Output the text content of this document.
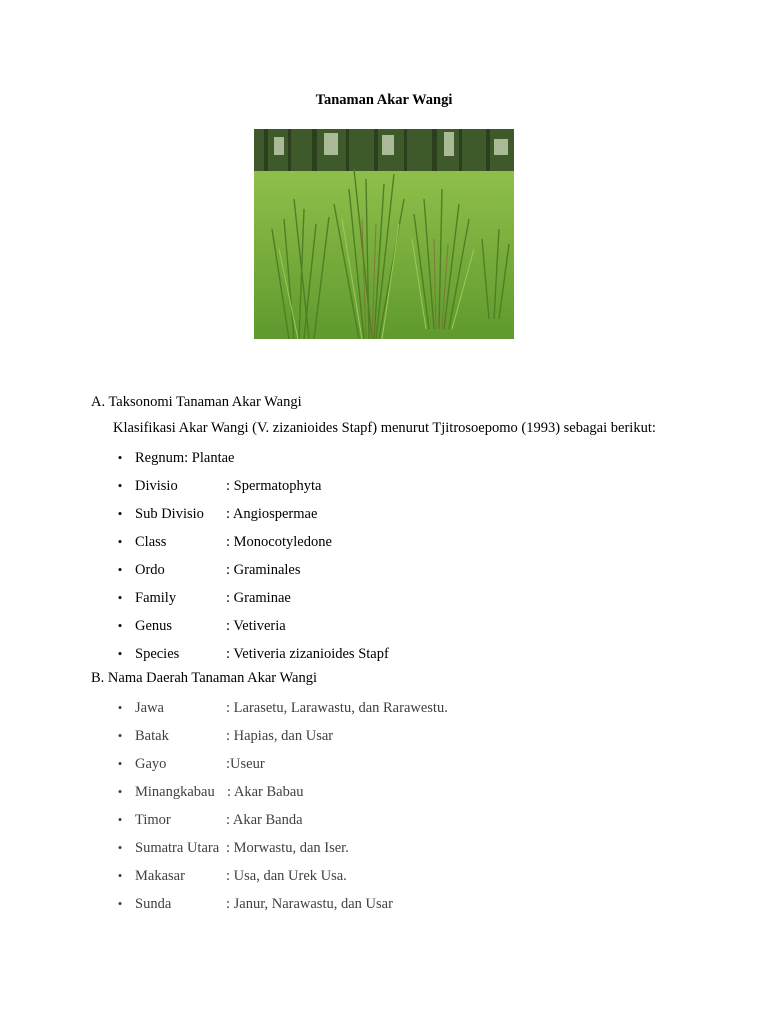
Tanaman Akar Wangi
A. Taksonomi Tanaman Akar Wangi
Klasifikasi Akar Wangi (V. zizanioides Stapf) menurut Tjitrosoepomo (1993) sebagai berikut:
• Regnum: Plantae
• Divisio	: Spermatophyta
• Sub Divisio : Angiospermae
• Class	: Monocotyledone
• Ordo	: Graminales
• Family	: Graminae
• Genus	: Vetiveria
• Species	: Vetiveria zizanioides Stapf
B. Nama Daerah Tanaman Akar Wangi
• Jawa	: Larasetu, Larawastu, dan Rarawestu.
• Batak	: Hapias, dan Usar
• Gayo	:Useur
• Minangkabau : Akar Babau
• Timor	: Akar Banda
• Sumatra Utara : Morwastu, dan Iser.
• Makasar	: Usa, dan Urek Usa.
• Sunda	: Janur, Narawastu, dan Usar
